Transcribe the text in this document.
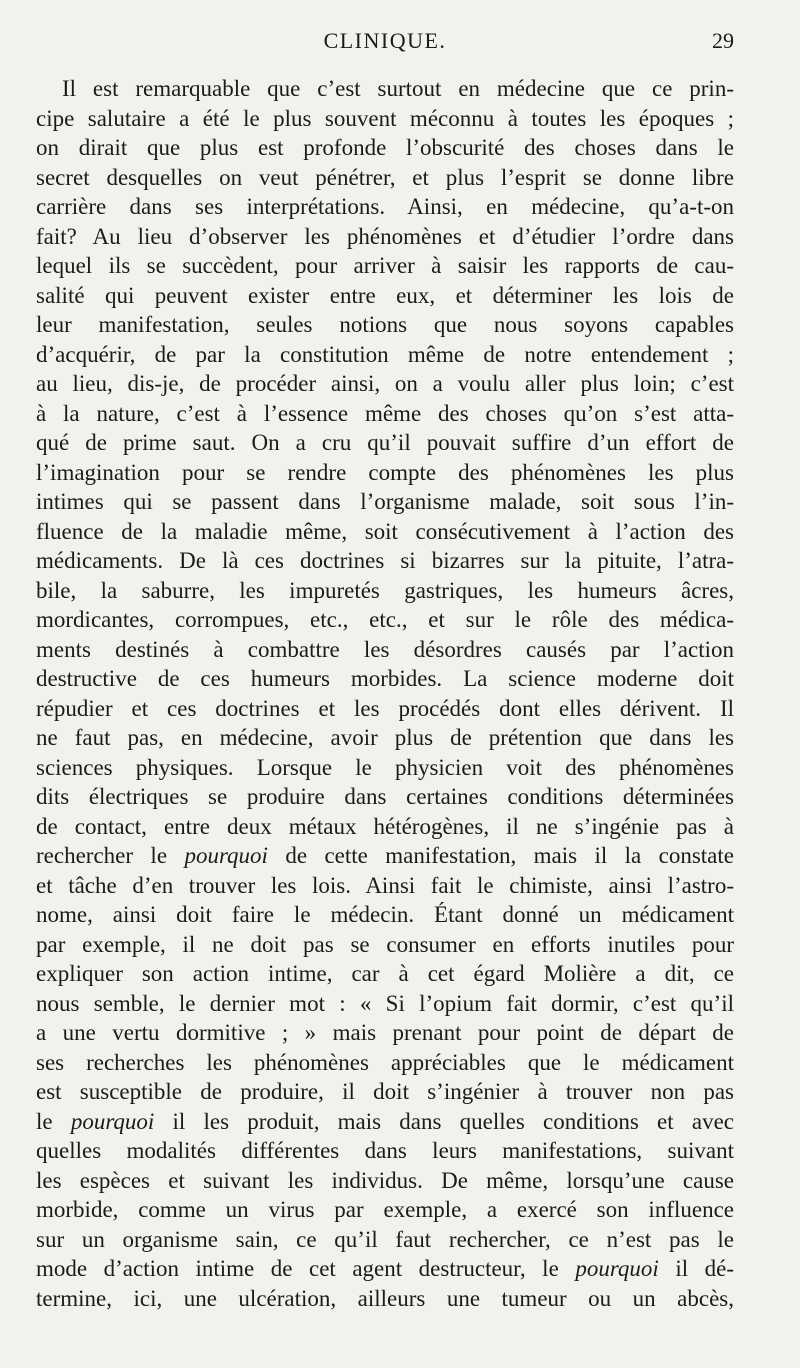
CLINIQUE.	29
Il est remarquable que c’est surtout en médecine que ce prin-
cipe salutaire a été le plus souvent méconnu à toutes les époques ;
on dirait que plus est profonde l’obscurité des choses dans le
secret desquelles on veut pénétrer, et plus l’esprit se donne libre
carrière dans ses interprétations. Ainsi, en médecine, qu’a-t-on
fait? Au lieu d’observer les phénomènes et d’étudier l’ordre dans
lequel ils se succèdent, pour arriver à saisir les rapports de cau-
salité qui peuvent exister entre eux, et déterminer les lois de
leur manifestation, seules notions que nous soyons capables
d’acquérir, de par la constitution même de notre entendement ;
au lieu, dis-je, de procéder ainsi, on a voulu aller plus loin; c’est
à la nature, c’est à l’essence même des choses qu’on s’est atta-
qué de prime saut. On a cru qu’il pouvait suffire d’un effort de
l’imagination pour se rendre compte des phénomènes les plus
intimes qui se passent dans l’organisme malade, soit sous l’in-
fluence de la maladie même, soit consécutivement à l’action des
médicaments. De là ces doctrines si bizarres sur la pituite, l’atra-
bile, la saburre, les impuretés gastriques, les humeurs âcres,
mordicantes, corrompues, etc., etc., et sur le rôle des médica-
ments destinés à combattre les désordres causés par l’action
destructive de ces humeurs morbides. La science moderne doit
répudier et ces doctrines et les procédés dont elles dérivent. Il
ne faut pas, en médecine, avoir plus de prétention que dans les
sciences physiques. Lorsque le physicien voit des phénomènes
dits électriques se produire dans certaines conditions déterminées
de contact, entre deux métaux hétérogènes, il ne s’ingénie pas à
rechercher le pourquoi de cette manifestation, mais il la constate
et tâche d’en trouver les lois. Ainsi fait le chimiste, ainsi l’astro-
nome, ainsi doit faire le médecin. Étant donné un médicament
par exemple, il ne doit pas se consumer en efforts inutiles pour
expliquer son action intime, car à cet égard Molière a dit, ce
nous semble, le dernier mot : « Si l’opium fait dormir, c’est qu’il
a une vertu dormitive ; » mais prenant pour point de départ de
ses recherches les phénomènes appréciables que le médicament
est susceptible de produire, il doit s’ingénier à trouver non pas
le pourquoi il les produit, mais dans quelles conditions et avec
quelles modalités différentes dans leurs manifestations, suivant
les espèces et suivant les individus. De même, lorsqu’une cause
morbide, comme un virus par exemple, a exercé son influence
sur un organisme sain, ce qu’il faut rechercher, ce n’est pas le
mode d’action intime de cet agent destructeur, le pourquoi il dé-
termine, ici, une ulcération, ailleurs une tumeur ou un abcès,
